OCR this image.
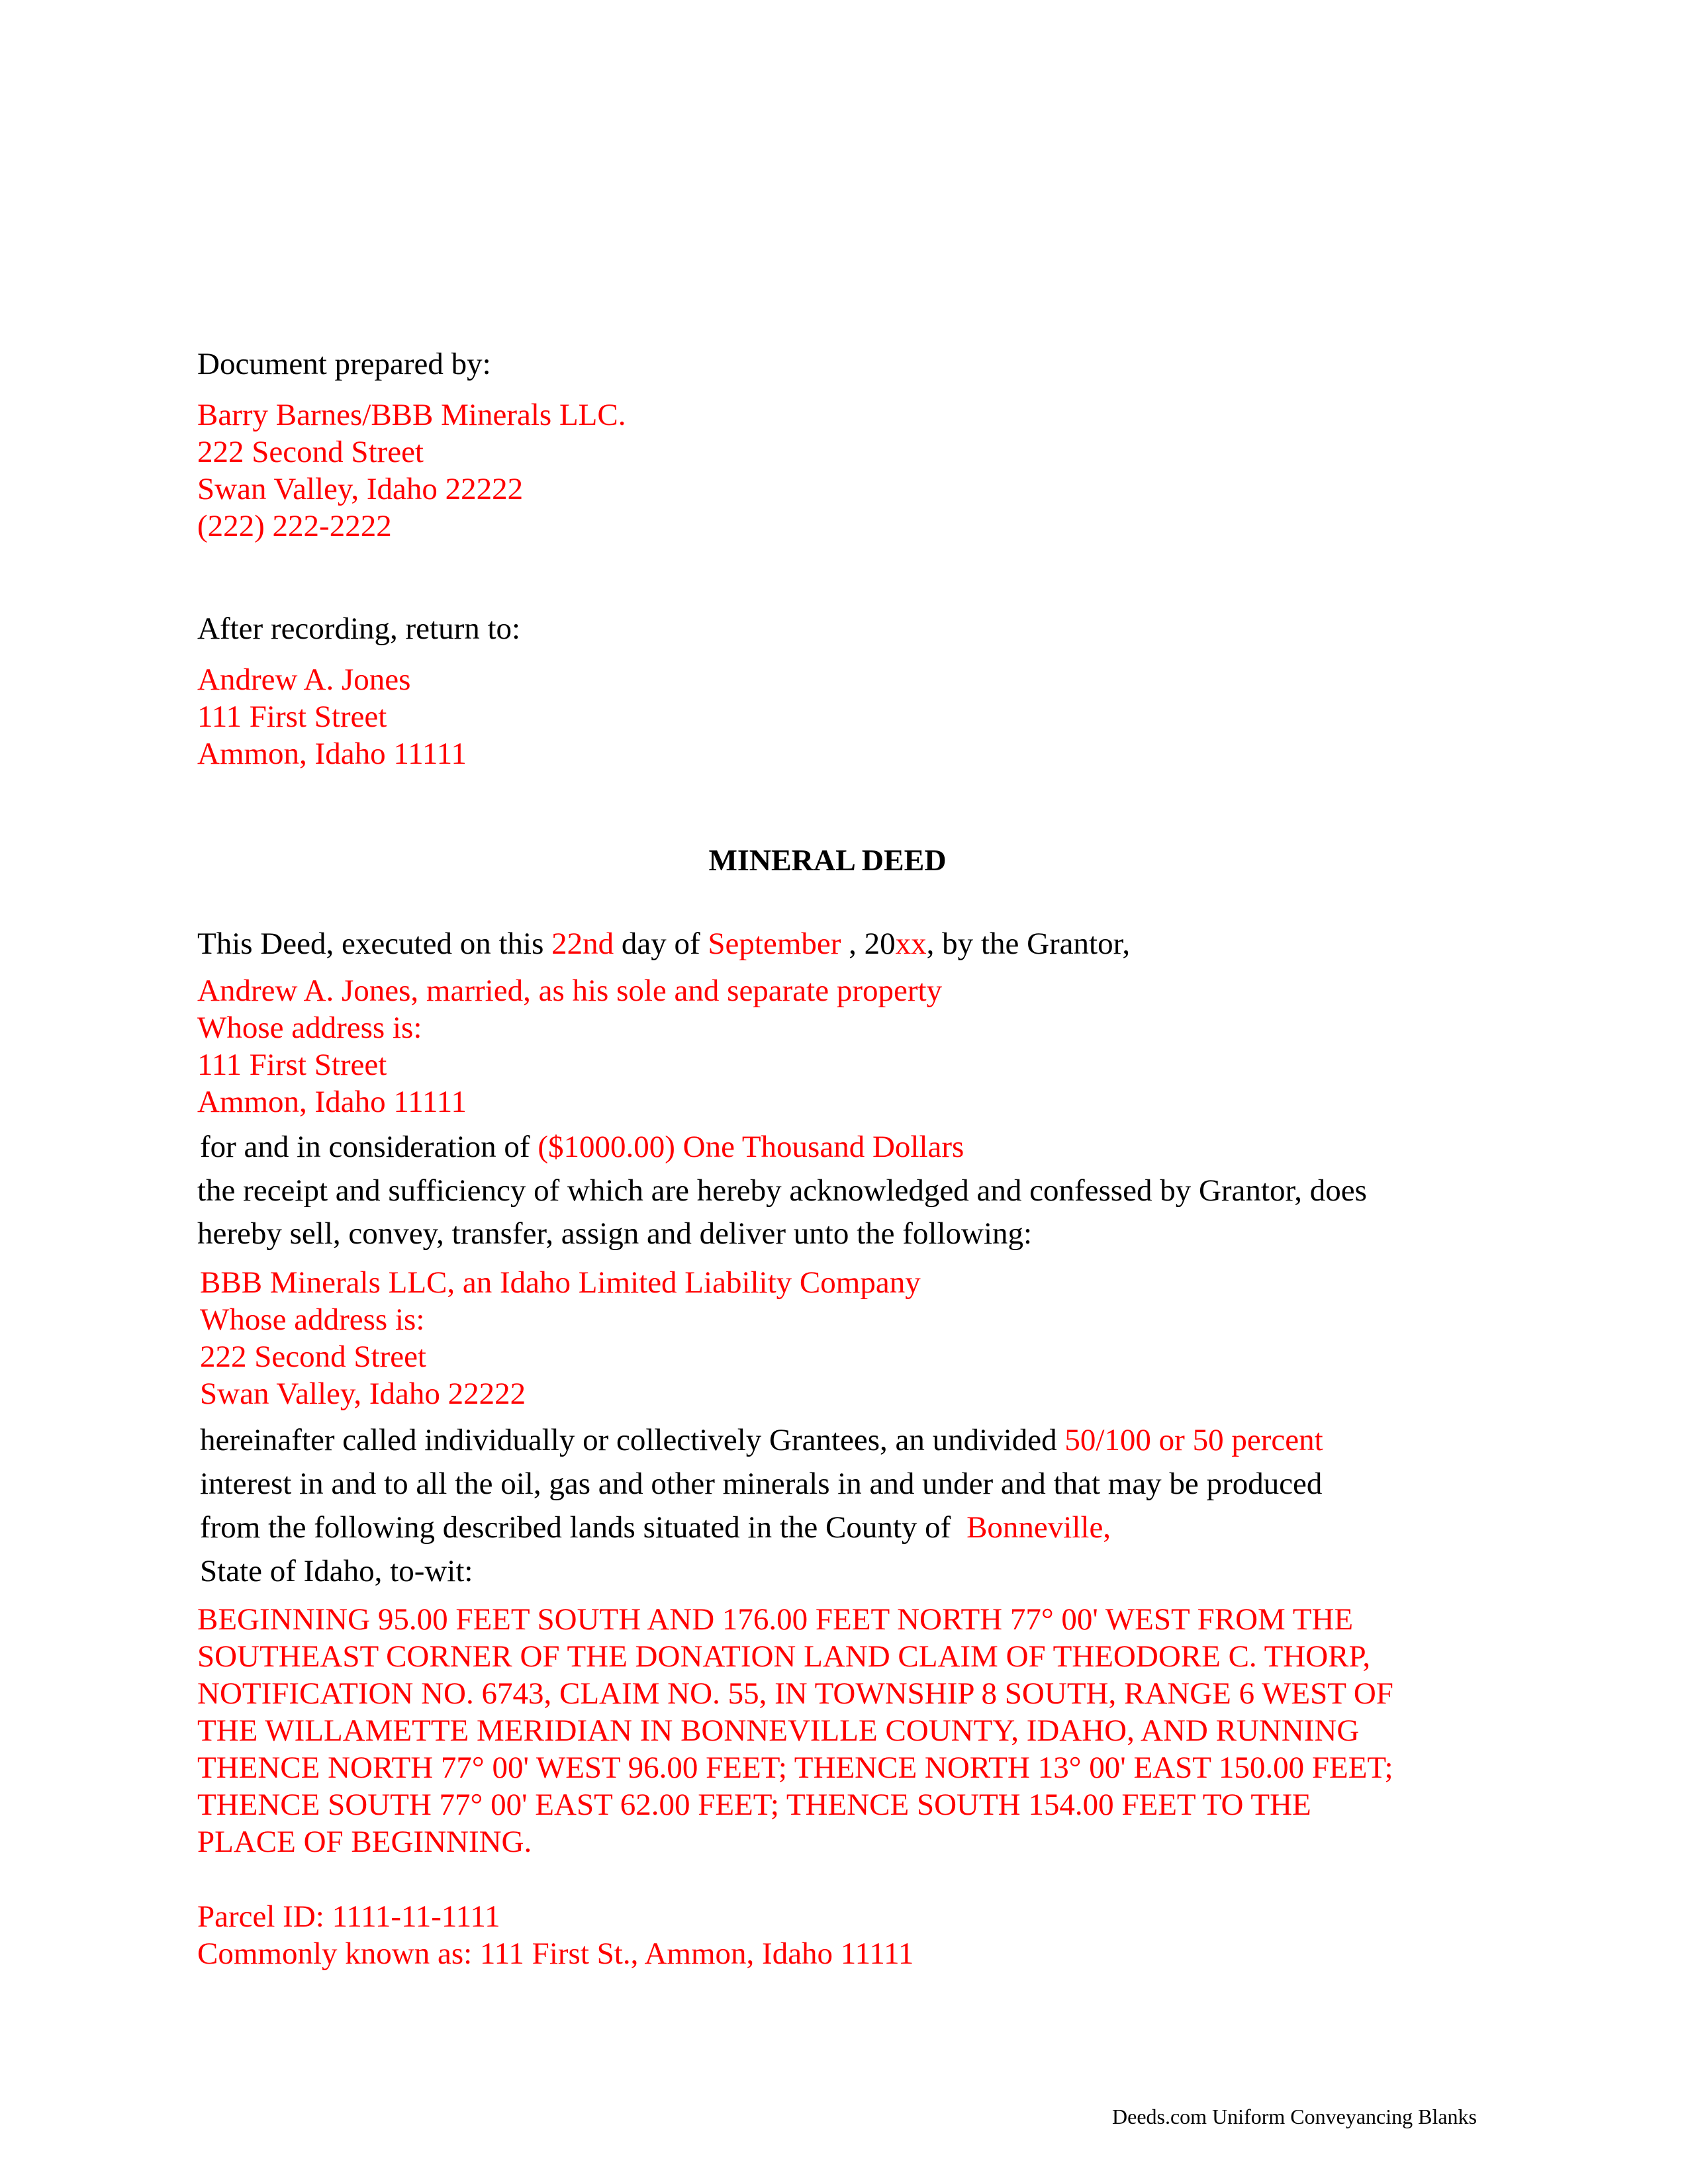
Document prepared by:
Barry Barnes/BBB Minerals LLC.
222 Second Street
Swan Valley, Idaho 22222
(222) 222-2222
After recording, return to:
Andrew A. Jones
111 First Street
Ammon, Idaho 11111
MINERAL DEED
This Deed, executed on this 22nd day of September , 20xx, by the Grantor,
Andrew A. Jones, married, as his sole and separate property
Whose address is:
111 First Street
Ammon, Idaho 11111
for and in consideration of ($1000.00) One Thousand Dollars
the receipt and sufficiency of which are hereby acknowledged and confessed by Grantor, does
hereby sell, convey, transfer, assign and deliver unto the following:
BBB Minerals LLC, an Idaho Limited Liability Company
Whose address is:
222 Second Street
Swan Valley, Idaho 22222
hereinafter called individually or collectively Grantees, an undivided 50/100 or 50 percent
interest in and to all the oil, gas and other minerals in and under and that may be produced
from the following described lands situated in the County of Bonneville,
State of Idaho, to-wit:
BEGINNING 95.00 FEET SOUTH AND 176.00 FEET NORTH 77° 00' WEST FROM THE
SOUTHEAST CORNER OF THE DONATION LAND CLAIM OF THEODORE C. THORP,
NOTIFICATION NO. 6743, CLAIM NO. 55, IN TOWNSHIP 8 SOUTH, RANGE 6 WEST OF
THE WILLAMETTE MERIDIAN IN BONNEVILLE COUNTY, IDAHO, AND RUNNING
THENCE NORTH 77° 00' WEST 96.00 FEET; THENCE NORTH 13° 00' EAST 150.00 FEET;
THENCE SOUTH 77° 00' EAST 62.00 FEET; THENCE SOUTH 154.00 FEET TO THE
PLACE OF BEGINNING.
Parcel ID: 1111-11-1111
Commonly known as: 111 First St., Ammon, Idaho 11111
Deeds.com Uniform Conveyancing Blanks
